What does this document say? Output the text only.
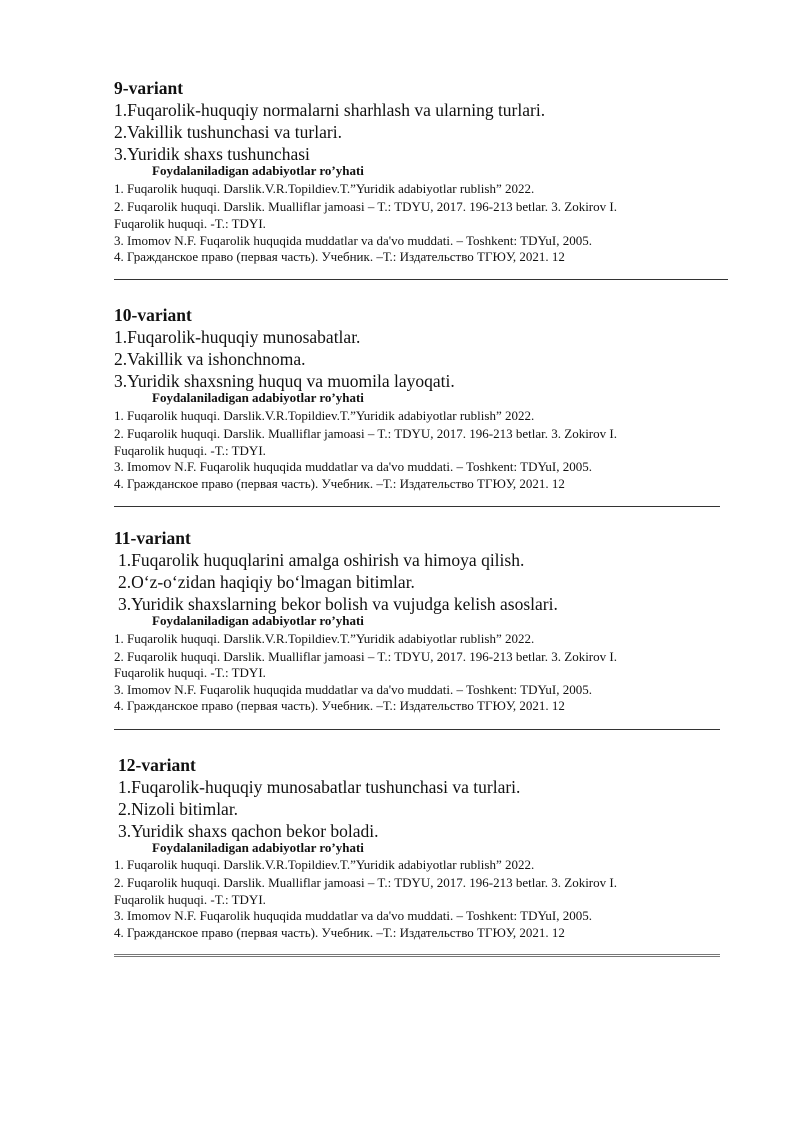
9-variant
1.Fuqarolik-huquqiy normalarni sharhlash va ularning turlari.
2.Vakillik tushunchasi va turlari.
3.Yuridik shaxs tushunchasi
Foydalaniladigan adabiyotlar ro’yhati
1. Fuqarolik huquqi. Darslik.V.R.Topildiev.T.”Yuridik adabiyotlar rublish” 2022.
2. Fuqarolik huquqi. Darslik. Mualliflar jamoasi – T.: TDYU, 2017. 196-213 betlar. 3. Zokirov I.
Fuqarolik huquqi. -T.: TDYI.
3. Imomov N.F. Fuqarolik huquqida muddatlar va da'vo muddati. – Toshkent: TDYuI, 2005.
4. Гражданское право (первая часть). Учебник. –Т.: Издательство ТГЮУ, 2021. 12
10-variant
1.Fuqarolik-huquqiy munosabatlar.
2.Vakillik va ishonchnoma.
3.Yuridik shaxsning huquq va muomila layoqati.
Foydalaniladigan adabiyotlar ro’yhati
1. Fuqarolik huquqi. Darslik.V.R.Topildiev.T.”Yuridik adabiyotlar rublish” 2022.
2. Fuqarolik huquqi. Darslik. Mualliflar jamoasi – T.: TDYU, 2017. 196-213 betlar. 3. Zokirov I.
Fuqarolik huquqi. -T.: TDYI.
3. Imomov N.F. Fuqarolik huquqida muddatlar va da'vo muddati. – Toshkent: TDYuI, 2005.
4. Гражданское право (первая часть). Учебник. –Т.: Издательство ТГЮУ, 2021. 12
11-variant
1.Fuqarolik huquqlarini amalga oshirish va himoya qilish.
2.O‘z-o‘zidan haqiqiy bo‘lmagan bitimlar.
3.Yuridik shaxslarning bekor bolish va vujudga kelish asoslari.
Foydalaniladigan adabiyotlar ro’yhati
1. Fuqarolik huquqi. Darslik.V.R.Topildiev.T.”Yuridik adabiyotlar rublish” 2022.
2. Fuqarolik huquqi. Darslik. Mualliflar jamoasi – T.: TDYU, 2017. 196-213 betlar. 3. Zokirov I.
Fuqarolik huquqi. -T.: TDYI.
3. Imomov N.F. Fuqarolik huquqida muddatlar va da'vo muddati. – Toshkent: TDYuI, 2005.
4. Гражданское право (первая часть). Учебник. –Т.: Издательство ТГЮУ, 2021. 12
12-variant
1.Fuqarolik-huquqiy munosabatlar tushunchasi va turlari.
2.Nizoli bitimlar.
3.Yuridik shaxs qachon bekor boladi.
Foydalaniladigan adabiyotlar ro’yhati
1. Fuqarolik huquqi. Darslik.V.R.Topildiev.T.”Yuridik adabiyotlar rublish” 2022.
2. Fuqarolik huquqi. Darslik. Mualliflar jamoasi – T.: TDYU, 2017. 196-213 betlar. 3. Zokirov I.
Fuqarolik huquqi. -T.: TDYI.
3. Imomov N.F. Fuqarolik huquqida muddatlar va da'vo muddati. – Toshkent: TDYuI, 2005.
4. Гражданское право (первая часть). Учебник. –Т.: Издательство ТГЮУ, 2021. 12
